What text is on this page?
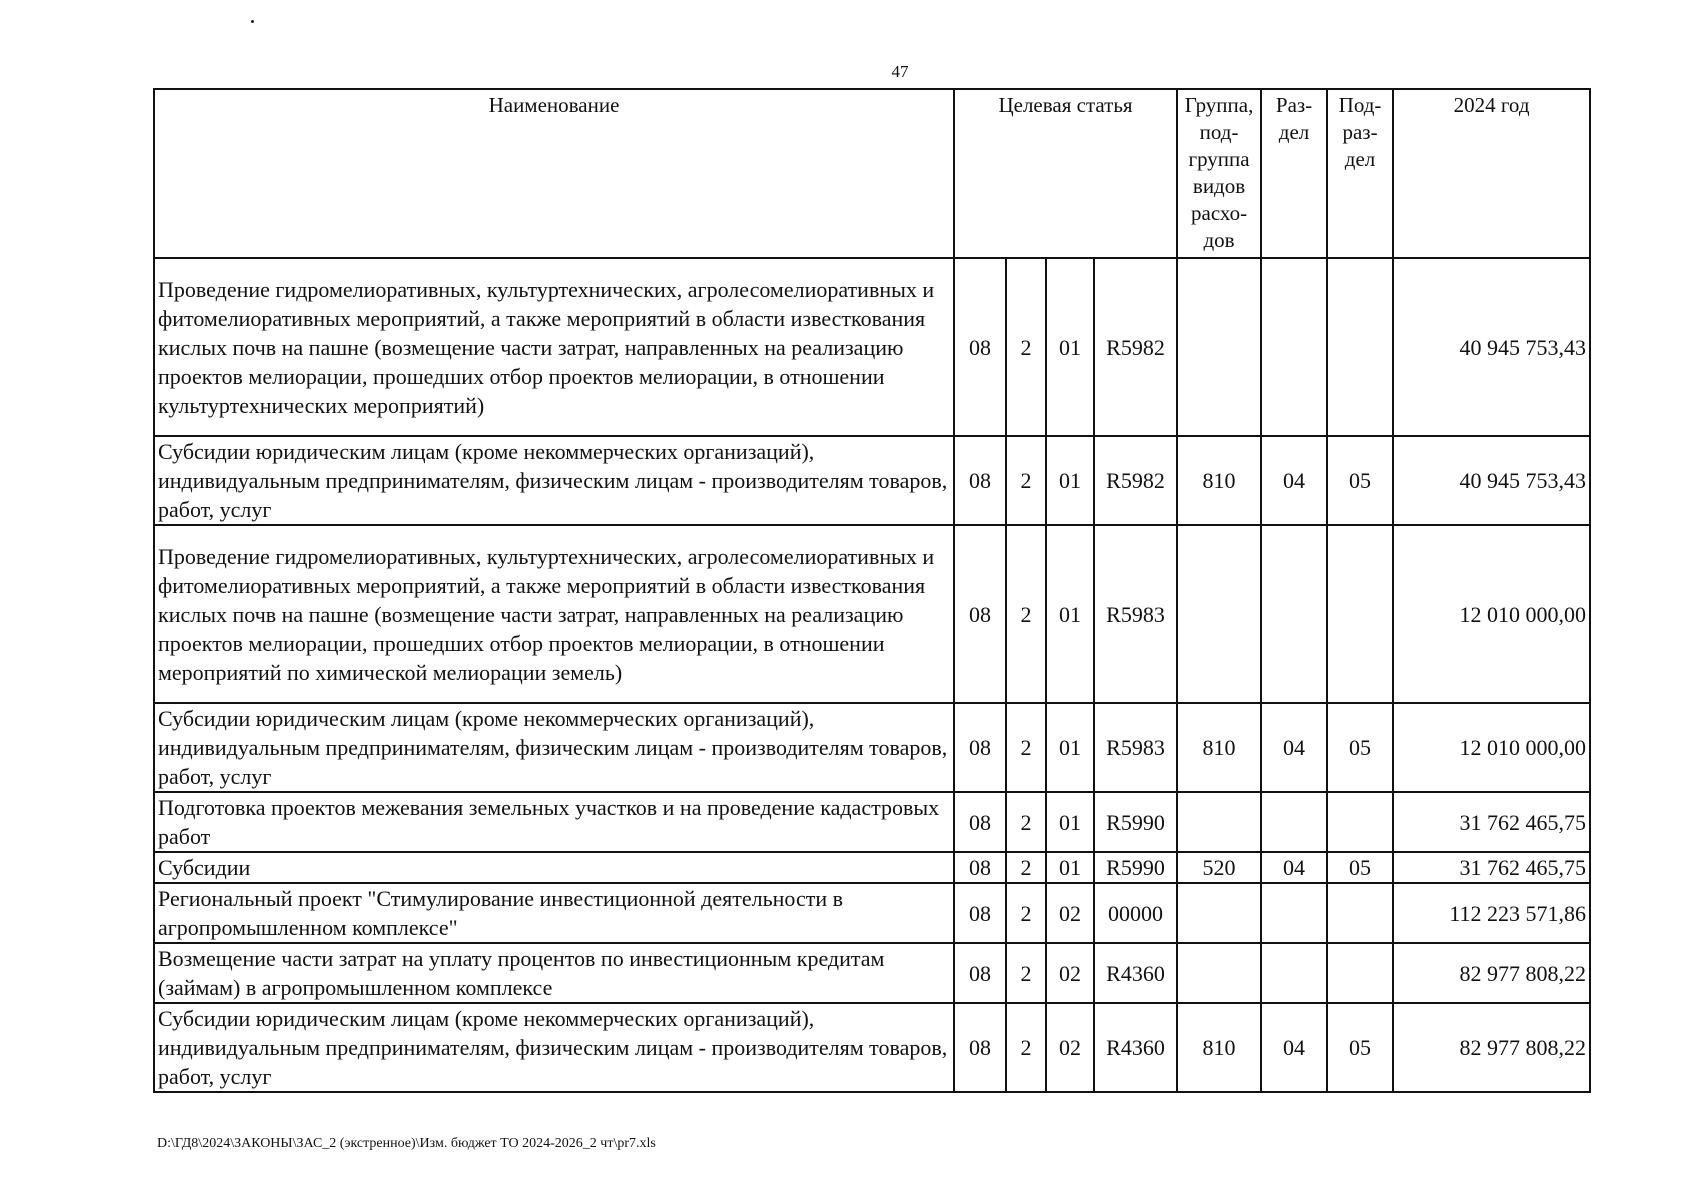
47
Наименование	Целевая статья				Группа, под-группа видов расхо-дов	Раз-дел	Под-раз-дел	2024 год
Проведение гидромелиоративных, культуртехнических, агролесомелиоративных и фитомелиоративных мероприятий, а также мероприятий в области известкования кислых почв на пашне (возмещение части затрат, направленных на реализацию проектов мелиорации, прошедших отбор проектов мелиорации, в отношении культуртехнических мероприятий)	08	2	01	R5982				40 945 753,43
Субсидии юридическим лицам (кроме некоммерческих организаций), индивидуальным предпринимателям, физическим лицам - производителям товаров, работ, услуг	08	2	01	R5982	810	04	05	40 945 753,43
Проведение гидромелиоративных, культуртехнических, агролесомелиоративных и фитомелиоративных мероприятий, а также мероприятий в области известкования кислых почв на пашне (возмещение части затрат, направленных на реализацию проектов мелиорации, прошедших отбор проектов мелиорации, в отношении мероприятий по химической мелиорации земель)	08	2	01	R5983				12 010 000,00
Субсидии юридическим лицам (кроме некоммерческих организаций), индивидуальным предпринимателям, физическим лицам - производителям товаров, работ, услуг	08	2	01	R5983	810	04	05	12 010 000,00
Подготовка проектов межевания земельных участков и на проведение кадастровых работ	08	2	01	R5990				31 762 465,75
Субсидии	08	2	01	R5990	520	04	05	31 762 465,75
Региональный проект "Стимулирование инвестиционной деятельности в агропромышленном комплексе"	08	2	02	00000				112 223 571,86
Возмещение части затрат на уплату процентов по инвестиционным кредитам (займам) в агропромышленном комплексе	08	2	02	R4360				82 977 808,22
Субсидии юридическим лицам (кроме некоммерческих организаций), индивидуальным предпринимателям, физическим лицам - производителям товаров, работ, услуг	08	2	02	R4360	810	04	05	82 977 808,22
D:\ГД8\2024\ЗАКОНЫ\ЗАС_2 (экстренное)\Изм. бюджет ТО 2024-2026_2 чт\pr7.xls
